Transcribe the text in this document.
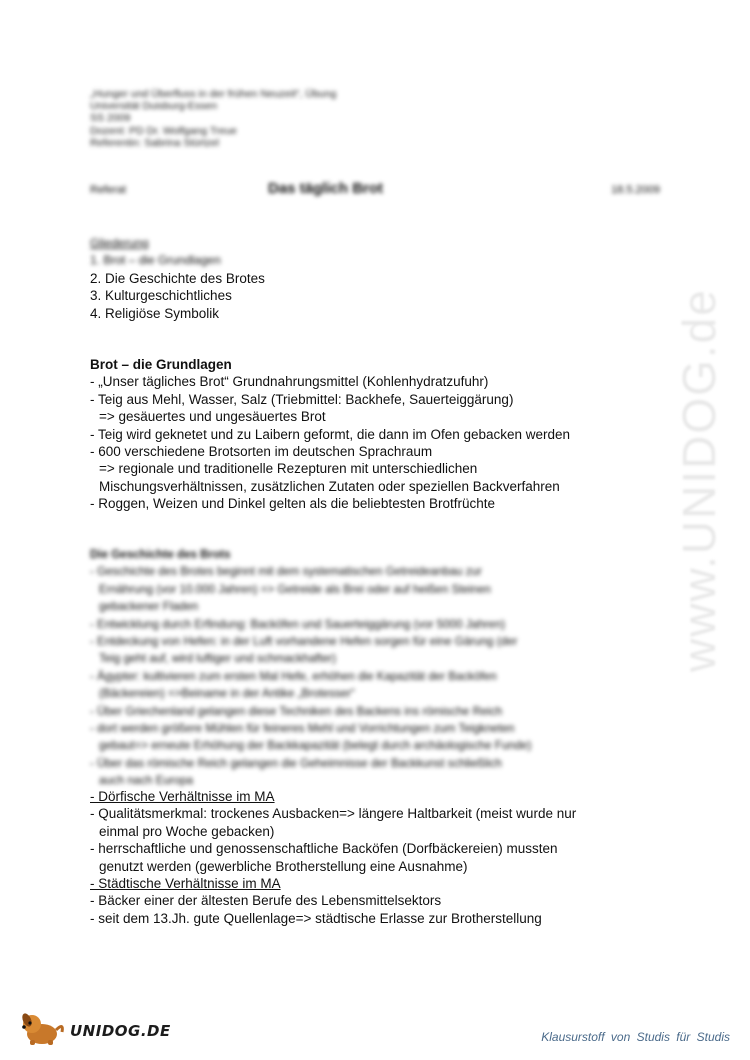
„Hunger und Überfluss in der frühen Neuzeit“, Übung
Universität Duisburg-Essen
SS 2009
Dozent: PD Dr. Wolfgang Treue
Referentin: Sabrina Stürtzel
Referat	Das täglich Brot	18.5.2009
Gliederung
1. Brot – die Grundlagen
2. Die Geschichte des Brotes
3. Kulturgeschichtliches
4. Religiöse Symbolik
Brot – die Grundlagen
- „Unser tägliches Brot“ Grundnahrungsmittel (Kohlenhydratzufuhr)
- Teig aus Mehl, Wasser, Salz (Triebmittel: Backhefe, Sauerteiggärung)
=> gesäuertes und ungesäuertes Brot
- Teig wird geknetet und zu Laibern geformt, die dann im Ofen gebacken werden
- 600 verschiedene Brotsorten im deutschen Sprachraum
=> regionale und traditionelle Rezepturen mit unterschiedlichen
Mischungsverhältnissen, zusätzlichen Zutaten oder speziellen Backverfahren
- Roggen, Weizen und Dinkel gelten als die beliebtesten Brotfrüchte
Die Geschichte des Brots
- Geschichte des Brotes beginnt mit dem systematischen Getreideanbau zur
Ernährung (vor 10.000 Jahren) => Getreide als Brei oder auf heißen Steinen
gebackener Fladen
- Entwicklung durch Erfindung: Backöfen und Sauerteiggärung (vor 5000 Jahren)
- Entdeckung von Hefen: in der Luft vorhandene Hefen sorgen für eine Gärung (der
Teig geht auf, wird luftiger und schmackhafter)
- Ägypter: kultivieren zum ersten Mal Hefe, erhöhen die Kapazität der Backöfen
(Bäckereien) =>Beiname in der Antike „Brotesser“
- Über Griechenland gelangen diese Techniken des Backens ins römische Reich
- dort werden größere Mühlen für feineres Mehl und Vorrichtungen zum Teigkneten
gebaut=> erneute Erhöhung der Backkapazität (belegt durch archäologische Funde)
- Über das römische Reich gelangen die Geheimnisse der Backkunst schließlich
auch nach Europa
- Dörfische Verhältnisse im MA
- Qualitätsmerkmal: trockenes Ausbacken=> längere Haltbarkeit (meist wurde nur
einmal pro Woche gebacken)
- herrschaftliche und genossenschaftliche Backöfen (Dorfbäckereien) mussten
genutzt werden (gewerbliche Brotherstellung eine Ausnahme)
- Städtische Verhältnisse im MA
- Bäcker einer der ältesten Berufe des Lebensmittelsektors
- seit dem 13.Jh. gute Quellenlage=> städtische Erlasse zur Brotherstellung
www.UNIDOG.de
UNIDOG.DE	Klausurstoff von Studis für Studis
